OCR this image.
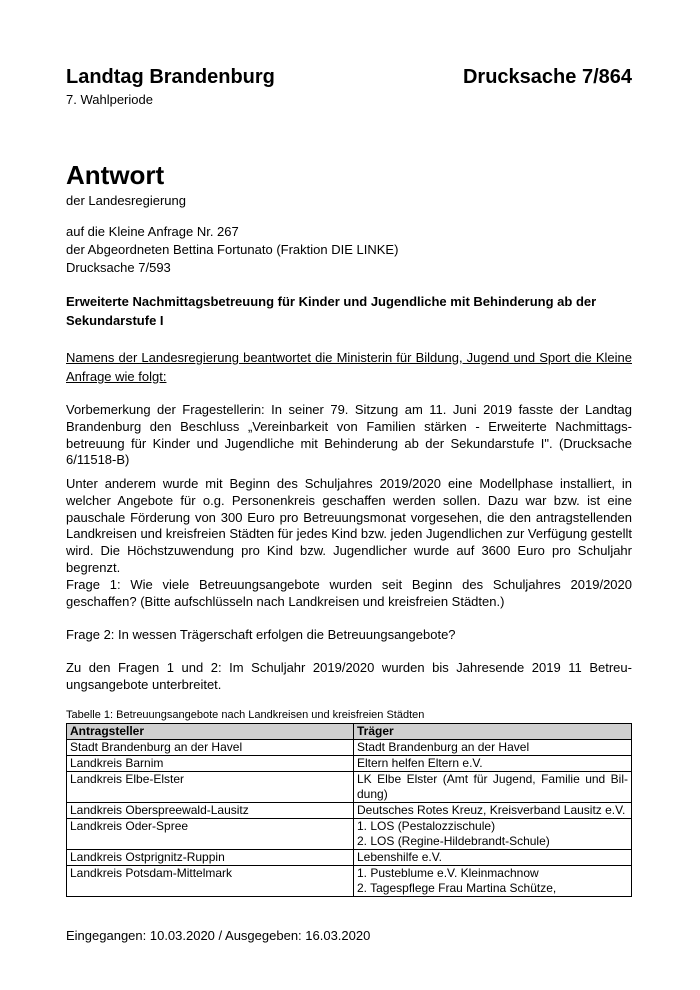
Landtag Brandenburg	Drucksache 7/864
7. Wahlperiode
Antwort
der Landesregierung
auf die Kleine Anfrage Nr. 267
der Abgeordneten Bettina Fortunato (Fraktion DIE LINKE)
Drucksache 7/593
Erweiterte Nachmittagsbetreuung für Kinder und Jugendliche mit Behinderung ab der Sekundarstufe I
Namens der Landesregierung beantwortet die Ministerin für Bildung, Jugend und Sport die Kleine Anfrage wie folgt:
Vorbemerkung der Fragestellerin: In seiner 79. Sitzung am 11. Juni 2019 fasste der Landtag Brandenburg den Beschluss „Vereinbarkeit von Familien stärken - Erweiterte Nachmittagsbetreuung für Kinder und Jugendliche mit Behinderung ab der Sekundarstufe I". (Drucksache 6/11518-B)
Unter anderem wurde mit Beginn des Schuljahres 2019/2020 eine Modellphase installiert, in welcher Angebote für o.g. Personenkreis geschaffen werden sollen. Dazu war bzw. ist eine pauschale Förderung von 300 Euro pro Betreuungsmonat vorgesehen, die den antragstellenden Landkreisen und kreisfreien Städten für jedes Kind bzw. jeden Jugendlichen zur Verfügung gestellt wird. Die Höchstzuwendung pro Kind bzw. Jugendlicher wurde auf 3600 Euro pro Schuljahr begrenzt.
Frage 1: Wie viele Betreuungsangebote wurden seit Beginn des Schuljahres 2019/2020 geschaffen? (Bitte aufschlüsseln nach Landkreisen und kreisfreien Städten.)
Frage 2: In wessen Trägerschaft erfolgen die Betreuungsangebote?
Zu den Fragen 1 und 2: Im Schuljahr 2019/2020 wurden bis Jahresende 2019 11 Betreuungsangebote unterbreitet.
Tabelle 1: Betreuungsangebote nach Landkreisen und kreisfreien Städten
Antragsteller	Träger
Stadt Brandenburg an der Havel	Stadt Brandenburg an der Havel
Landkreis Barnim	Eltern helfen Eltern e.V.
Landkreis Elbe-Elster	LK Elbe Elster (Amt für Jugend, Familie und Bildung)
Landkreis Oberspreewald-Lausitz	Deutsches Rotes Kreuz, Kreisverband Lausitz e.V.
Landkreis Oder-Spree	1. LOS (Pestalozzischule)
2. LOS (Regine-Hildebrandt-Schule)

Landkreis Ostprignitz-Ruppin	Lebenshilfe e.V.
Landkreis Potsdam-Mittelmark	1. Pusteblume e.V. Kleinmachnow
2. Tagespflege Frau Martina Schütze,
Eingegangen: 10.03.2020 / Ausgegeben: 16.03.2020
